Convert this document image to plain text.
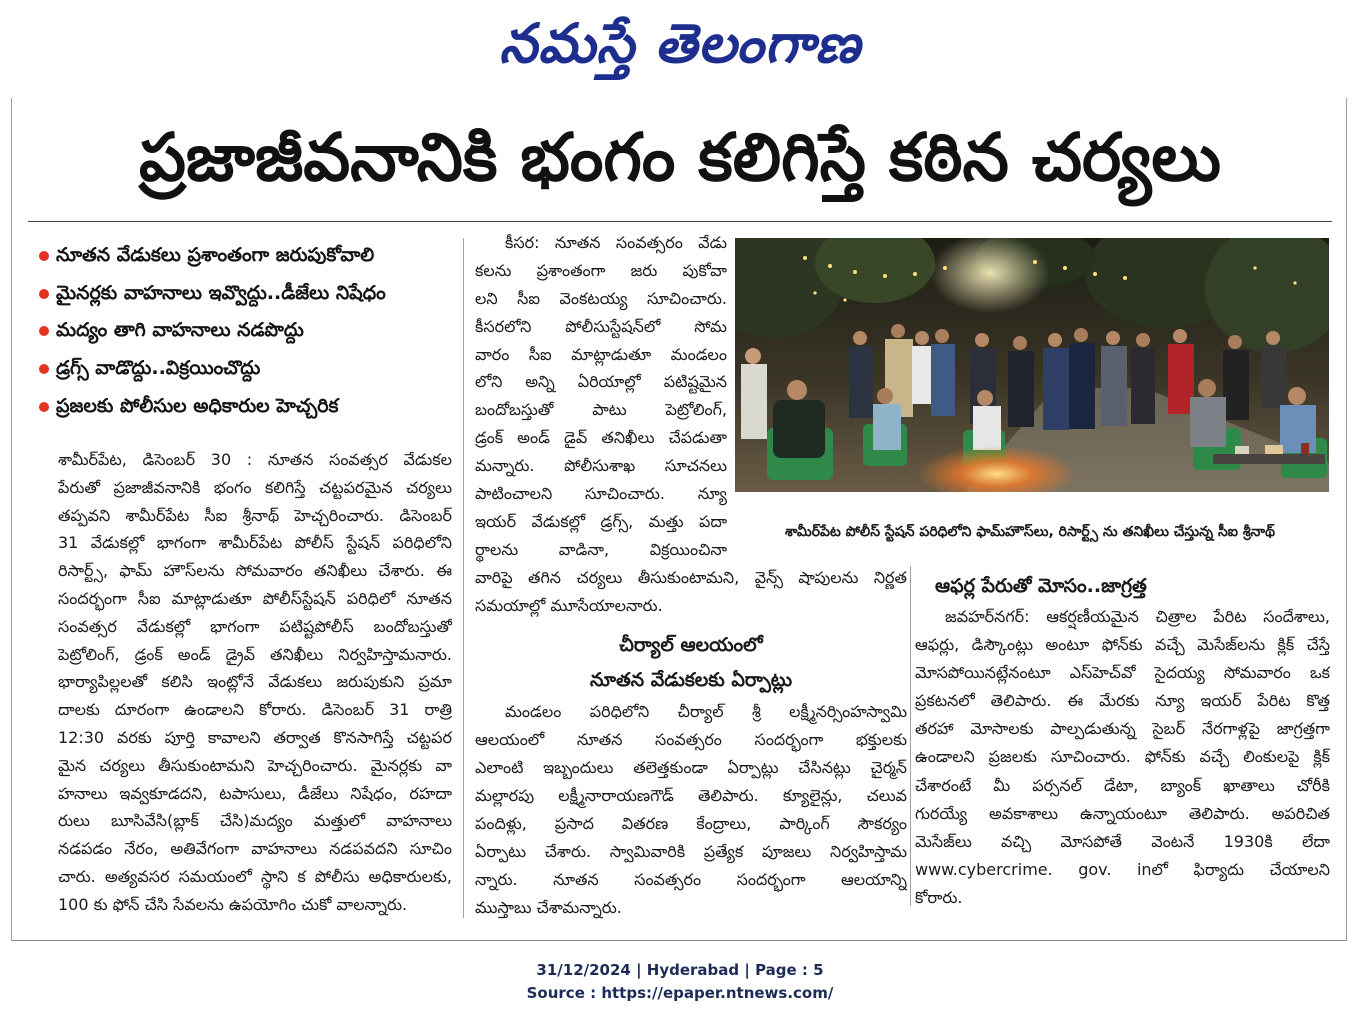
నమస్తే తెలంగాణ
ప్రజాజీవనానికి భంగం కలిగిస్తే కఠిన చర్యలు
నూతన వేడుకలు ప్రశాంతంగా జరుపుకోవాలి
మైనర్లకు వాహనాలు ఇవ్వొద్దు..డీజేలు నిషేధం
మద్యం తాగి వాహనాలు నడపొద్దు
డ్రగ్స్ వాడొద్దు..విక్రయించొద్దు
ప్రజలకు పోలీసుల అధికారుల హెచ్చరిక
శామీర్‌పేట, డిసెంబర్ 30 : నూతన సంవత్సర వేడుకల
పేరుతో ప్రజాజీవనానికి భంగం కలిగిస్తే చట్టపరమైన చర్యలు
తప్పవని శామీర్‌పేట సీఐ శ్రీనాథ్ హెచ్చరించారు. డిసెంబర్
31 వేడుకల్లో భాగంగా శామీర్‌పేట పోలీస్ స్టేషన్ పరిధిలోని
రిసార్ట్స్, ఫామ్ హౌస్‌లను సోమవారం తనిఖీలు చేశారు. ఈ
సందర్భంగా సీఐ మాట్లాడుతూ పోలీస్‌స్టేషన్ పరిధిలో నూతన
సంవత్సర వేడుకల్లో భాగంగా పటిష్టపోలీస్ బందోబస్తుతో
పెట్రోలింగ్, డ్రంక్ అండ్ డ్రైవ్ తనిఖీలు నిర్వహిస్తామనారు.
భార్యాపిల్లలతో కలిసి ఇంట్లోనే వేడుకలు జరుపుకుని ప్రమా
దాలకు దూరంగా ఉండాలని కోరారు. డిసెంబర్ 31 రాత్రి
12:30 వరకు పూర్తి కావాలని తర్వాత కొనసాగిస్తే చట్టపర
మైన చర్యలు తీసుకుంటామని హెచ్చరించారు. మైనర్లకు వా
హనాలు ఇవ్వకూడదని, టపాసులు, డీజేలు నిషేధం, రహదా
రులు బూసివేసి(బ్లాక్ చేసి)మద్యం మత్తులో వాహనాలు
నడపడం నేరం, అతివేగంగా వాహనాలు నడపవదని సూచిం
చారు. అత్యవసర సమయంలో స్థాని క పోలీసు అధికారులకు,
100 కు ఫోన్ చేసి సేవలను ఉపయోగిం చుకో వాలన్నారు.
కీసర: నూతన సంవత్సరం వేడు
కలను ప్రశాంతంగా జరు పుకోవా
లని సీఐ వెంకటయ్య సూచించారు.
కీసరలోని పోలీసుస్టేషన్‌లో సోమ
వారం సీఐ మాట్లాడుతూ మండలం
లోని అన్ని ఏరియాల్లో పటిష్టమైన
బందోబస్తుతో పాటు పెట్రోలింగ్,
డ్రంక్ అండ్ డైవ్ తనిఖీలు చేపడుతా
మన్నారు. పోలీసుశాఖ సూచనలు
పాటించాలని సూచించారు. న్యూ
ఇయర్ వేడుకల్లో డ్రగ్స్, మత్తు పదా
ర్థాలను వాడినా, విక్రయించినా
వారిపై తగిన చర్యలు తీసుకుంటామని, వైన్స్ షాపులను నిర్ణత
సమయాల్లో మూసేయాలనారు.
శామీర్‌పేట పోలీస్ స్టేషన్ పరిధిలోని ఫామ్‌హౌస్‌లు, రిసార్ట్స్ ను తనిఖీలు చేస్తున్న సీఐ శ్రీనాథ్
చీర్యాల్ ఆలయంలో
నూతన వేడుకలకు ఏర్పాట్లు
మండలం పరిధిలోని చీర్యాల్ శ్రీ లక్ష్మీనర్సింహస్వామి
ఆలయంలో నూతన సంవత్సరం సందర్భంగా భక్తులకు
ఎలాంటి ఇబ్బందులు తలెత్తకుండా ఏర్పాట్లు చేసినట్లు చైర్మన్
మల్లారపు లక్ష్మీనారాయణగౌడ్ తెలిపారు. క్యూలైన్లు, చలువ
పందిళ్లు, ప్రసాద వితరణ కేంద్రాలు, పార్కింగ్ సౌకర్యం
ఏర్పాటు చేశారు. స్వామివారికి ప్రత్యేక పూజలు నిర్వహిస్తామ
న్నారు. నూతన సంవత్సరం సందర్భంగా ఆలయాన్ని
ముస్తాబు చేశామన్నారు.
ఆఫర్ల పేరుతో మోసం..జాగ్రత్త
జవహర్‌నగర్: ఆకర్షణీయమైన చిత్రాల పేరిట సందేశాలు,
ఆఫర్లు, డిస్కౌంట్లు అంటూ ఫోన్‌కు వచ్చే మెసేజ్‌లను క్లిక్ చేస్తే
మోసపోయినట్లేనంటూ ఎస్‌హెచ్‌వో సైదయ్య సోమవారం ఒక
ప్రకటనలో తెలిపారు. ఈ మేరకు న్యూ ఇయర్ పేరిట కొత్త
తరహా మోసాలకు పాల్పడుతున్న సైబర్ నేరగాళ్లపై జాగ్రత్తగా
ఉండాలని ప్రజలకు సూచించారు. ఫోన్‌కు వచ్చే లింకులపై క్లిక్
చేశారంటే మీ పర్సనల్ డేటా, బ్యాంక్ ఖాతాలు చోరీకి
గురయ్యే అవకాశాలు ఉన్నాయంటూ తెలిపారు. అపరిచిత
మెసేజ్‌లు వచ్చి మోసపోతే వెంటనే 1930కి లేదా
www.cybercrime. gov. inలో ఫిర్యాదు చేయాలని
కోరారు.
31/12/2024 | Hyderabad | Page : 5
Source : https://epaper.ntnews.com/
